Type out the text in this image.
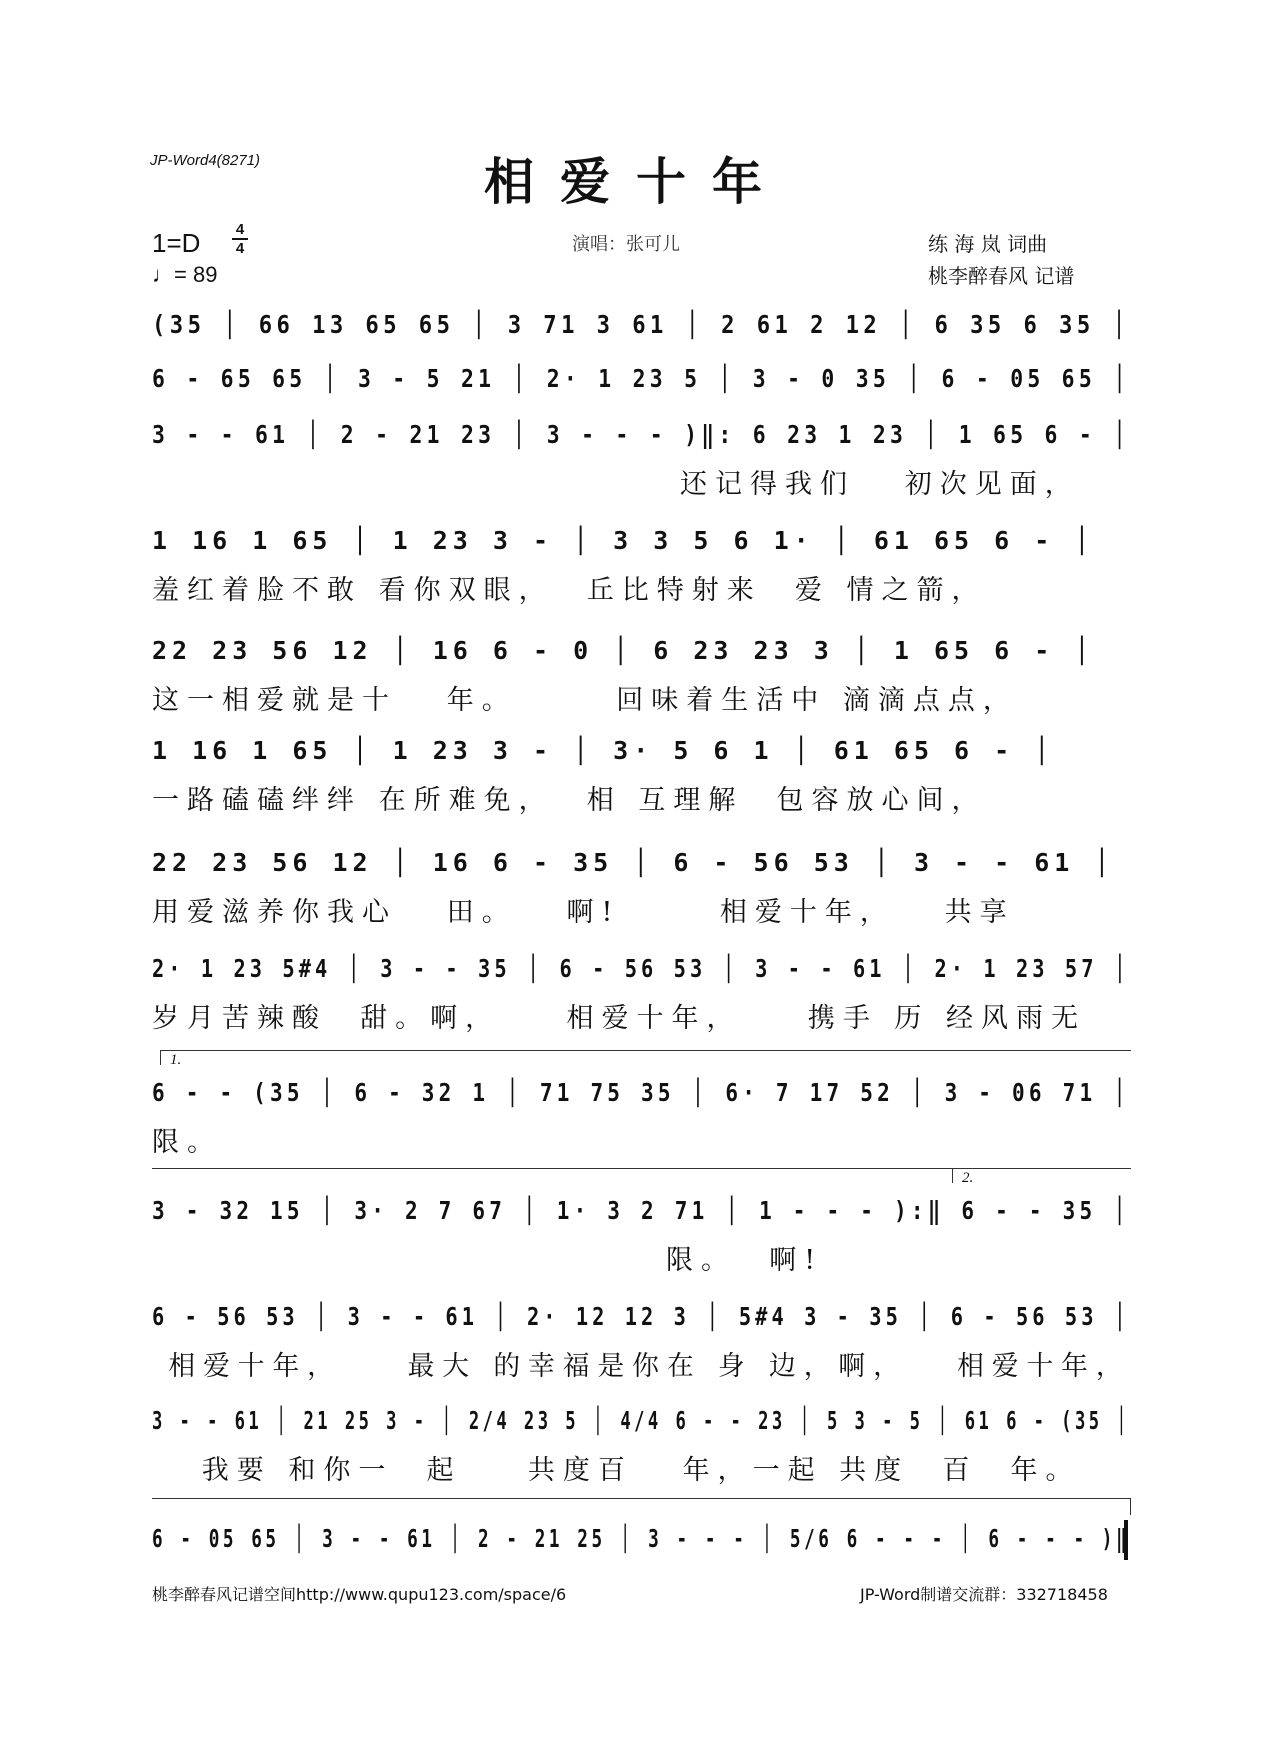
JP-Word4(8271)	相爱十年
1=D 4
4
♩= 89
演唱：张可儿	练 海 岚 词曲
桃李醉春风 记谱
(35 │ 66 13 65 65 │ 3 71 3 61 │ 2 61 2 12 │ 6 35 6 35 │
6 - 65 65 │ 3 - 5 21 │ 2· 1 23 5 │ 3 - 0 35 │ 6 - 05 65 │
3 - - 61 │ 2 - 21 23 │ 3 - - - )‖: 6 23 1 23 │ 1 65 6 - │
还记得我们   初次见面，
1 16 1 65 │ 1 23 3 - │ 3 3 5 6 1· │ 61 65 6 - │
羞红着脸不敢 看你双眼，  丘比特射来  爱 情之箭，
22 23 56 12 │ 16 6 - 0 │ 6 23 23 3 │ 1 65 6 - │
这一相爱就是十   年。      回味着生活中 滴滴点点，
1 16 1 65 │ 1 23 3 - │ 3· 5 6 1 │ 61 65 6 - │
一路磕磕绊绊 在所难免，  相 互理解  包容放心间，
22 23 56 12 │ 16 6 - 35 │ 6 - 56 53 │ 3 - - 61 │
用爱滋养你我心   田。   啊!      相爱十年，   共享
2· 1 23 5#4 │ 3 - - 35 │ 6 - 56 53 │ 3 - - 61 │ 2· 1 23 57 │
岁月苦辣酸  甜。啊，    相爱十年，    携手 历 经风雨无
1.
6 - - (35 │ 6 - 32 1 │ 71 75 35 │ 6· 7 17 52 │ 3 - 06 71 │
限。
2.
3 - 32 15 │ 3· 2 7 67 │ 1· 3 2 71 │ 1 - - - ):‖ 6 - - 35 │
限。  啊!
6 - 56 53 │ 3 - - 61 │ 2· 12 12 3 │ 5#4 3 - 35 │ 6 - 56 53 │
相爱十年，    最大 的幸福是你在 身 边，啊，   相爱十年，
3 - - 61 │ 21 25 3 - │ 2/4 23 5 │ 4/4 6 - - 23 │ 5 3 - 5 │ 61 6 - (35 │
我要 和你一  起    共度百   年，一起 共度  百  年。
6 - 05 65 │ 3 - - 61 │ 2 - 21 25 │ 3 - - - │ 5/6 6 - - - │ 6 - - - )‖
桃李醉春风记谱空间http://www.qupu123.com/space/6	JP-Word制谱交流群：332718458
